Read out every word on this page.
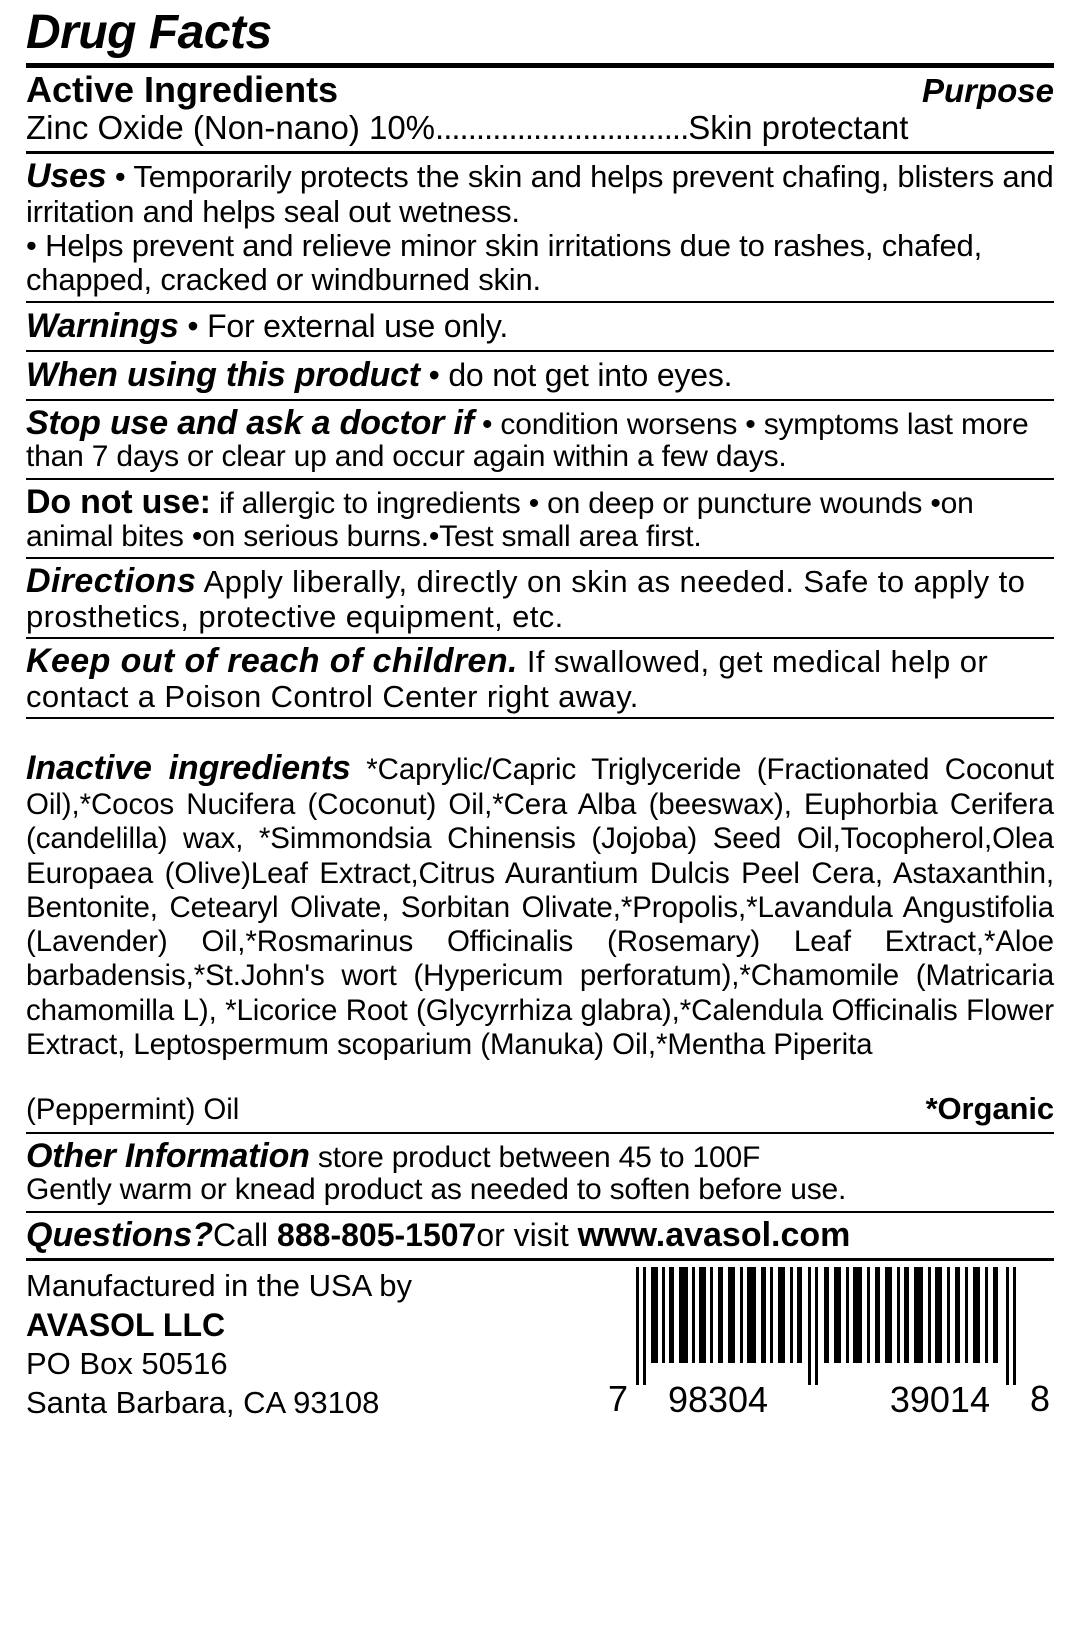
Drug Facts
Active Ingredients	Purpose
Zinc Oxide (Non-nano) 10% ............................... Skin protectant

Uses • Temporarily protects the skin and helps prevent chafing, blisters and irritation and helps seal out wetness.

• Helps prevent and relieve minor skin irritations due to rashes, chafed, chapped, cracked or windburned skin.

Warnings • For external use only.

When using this product • do not get into eyes.

Stop use and ask a doctor if • condition worsens • symptoms last more than 7 days or clear up and occur again within a few days.

Do not use: if allergic to ingredients • on deep or puncture wounds •on animal bites •on serious burns.•Test small area first.

Directions Apply liberally, directly on skin as needed. Safe to apply to prosthetics, protective equipment, etc.

Keep out of reach of children. If swallowed, get medical help or contact a Poison Control Center right away.

Inactive ingredients *Caprylic/Capric Triglyceride (Fractionated Coconut Oil),*Cocos Nucifera (Coconut) Oil,*Cera Alba (beeswax), Euphorbia Cerifera (candelilla) wax, *Simmondsia Chinensis (Jojoba) Seed Oil,Tocopherol,Olea Europaea (Olive)Leaf Extract,Citrus Aurantium Dulcis Peel Cera, Astaxanthin, Bentonite, Cetearyl Olivate, Sorbitan Olivate,*Propolis,*Lavandula Angustifolia (Lavender) Oil,*Rosmarinus Officinalis (Rosemary) Leaf Extract,*Aloe barbadensis,*St.John's wort (Hypericum perforatum),*Chamomile (Matricaria chamomilla L), *Licorice Root (Glycyrrhiza glabra),*Calendula Officinalis Flower Extract, Leptospermum scoparium (Manuka) Oil,*Mentha Piperita

(Peppermint) Oil	*Organic

Other Information store product between 45 to 100F

Gently warm or knead product as needed to soften before use.

Questions? Call
888-805-1507 or visit
www.avasol.com
Manufactured in the USA by
AVASOL LLC
PO Box 50516
Santa Barbara, CA 93108	7 98304	39014 8
